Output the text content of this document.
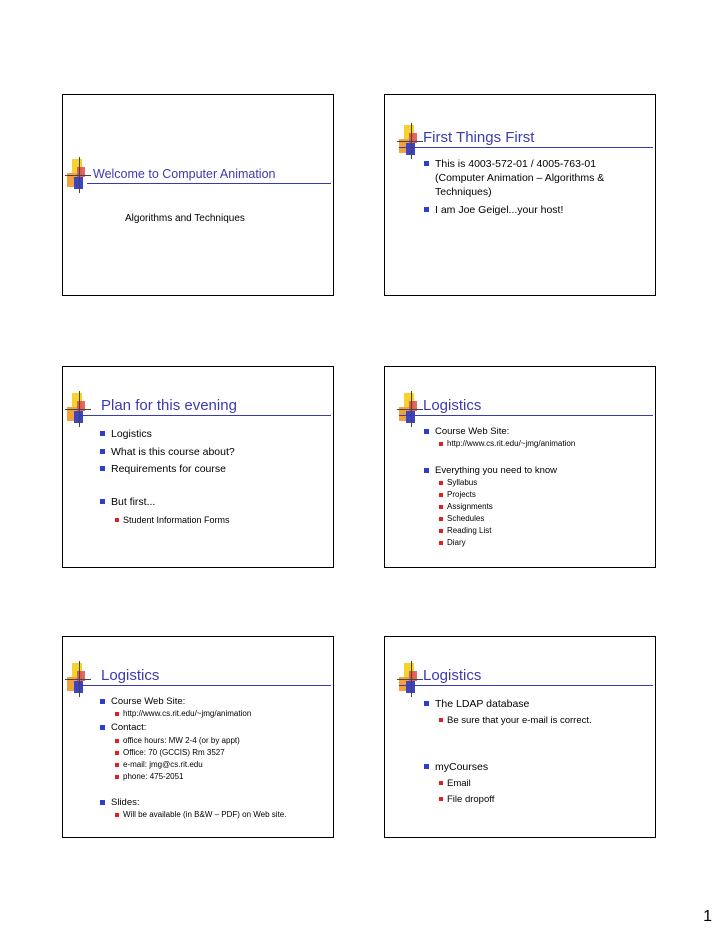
Welcome to Computer Animation
Algorithms and Techniques
First Things First
This is 4003-572-01 / 4005-763-01
(Computer Animation – Algorithms &
Techniques)
I am Joe Geigel...your host!
Plan for this evening
Logistics
What is this course about?
Requirements for course
But first...
Student Information Forms
Logistics
Course Web Site:
http://www.cs.rit.edu/~jmg/animation
Everything you need to know
Syllabus
Projects
Assignments
Schedules
Reading List
Diary
Logistics
Course Web Site:
http://www.cs.rit.edu/~jmg/animation
Contact:
office hours: MW 2-4 (or by appt)
Office: 70 (GCCIS) Rm 3527
e-mail: jmg@cs.rit.edu
phone: 475-2051
Slides:
Will be available (in B&W – PDF) on Web site.
Logistics
The LDAP database
Be sure that your e-mail is correct.
myCourses
Email
File dropoff
1
